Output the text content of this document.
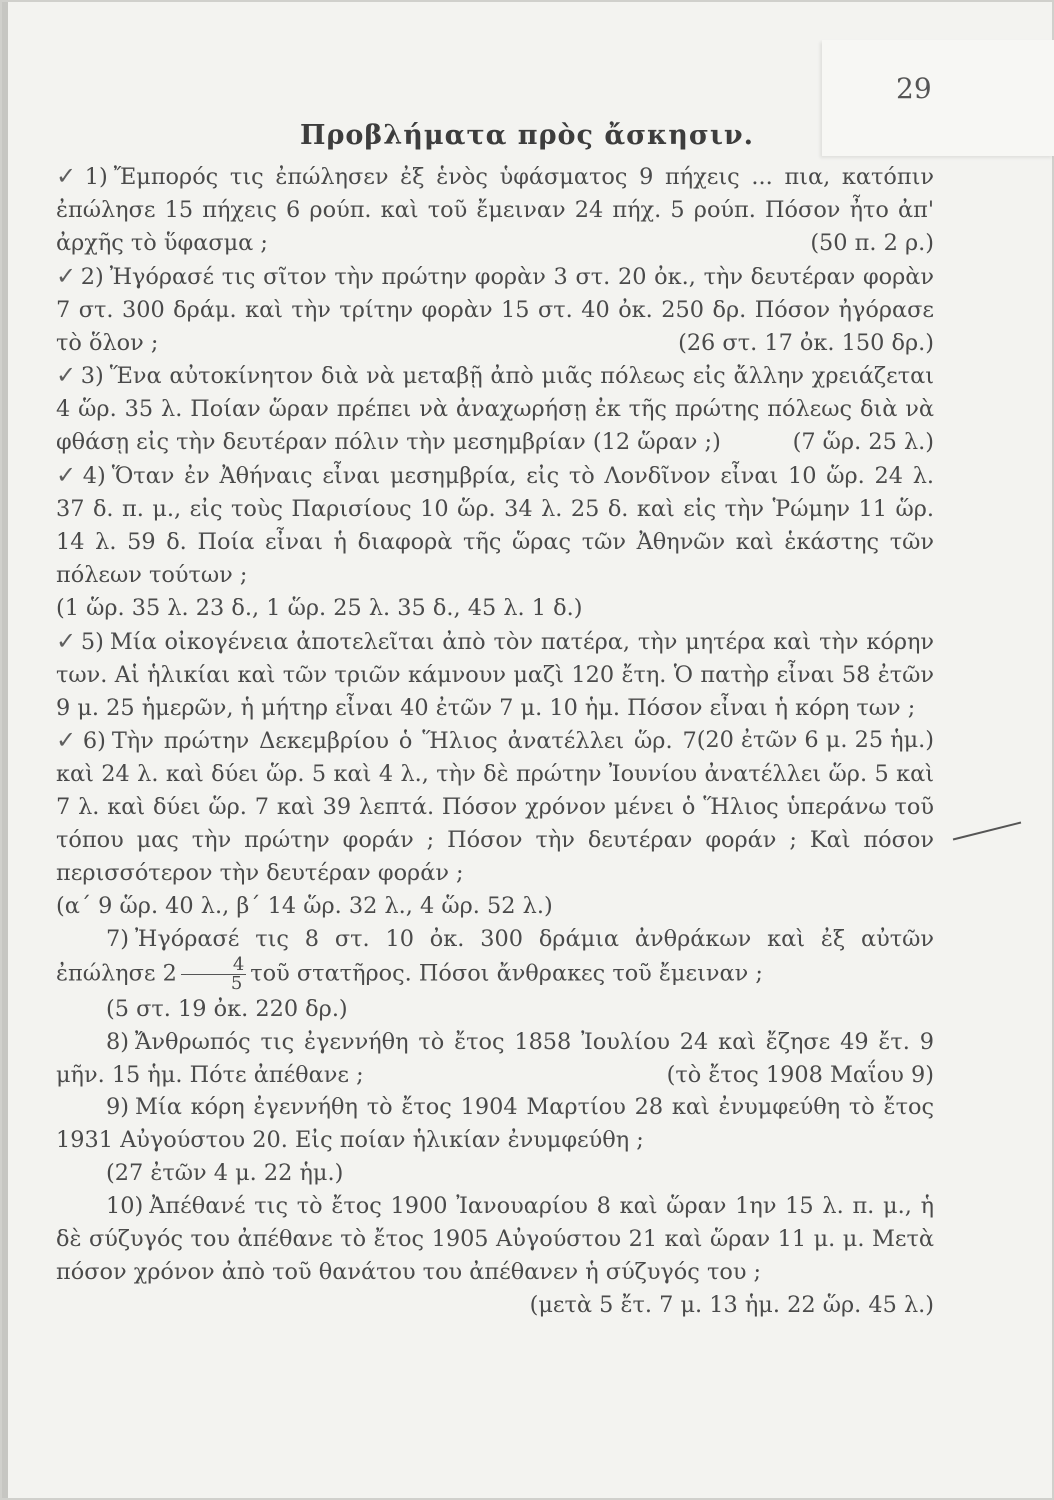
29
Προβλήματα πρὸς ἄσκησιν.
✓ 1) Ἔμπορός τις ἐπώλησεν ἐξ ἑνὸς ὑφάσματος 9 πήχεις ... πια, κατόπιν ἐπώλησε 15 πήχεις 6 ρούπ. καὶ τοῦ ἔμειναν 24 πήχ. 5 ρούπ. Πόσον ἦτο ἀπ' ἀρχῆς τὸ ὕφασμα ;	(50 π. 2 ρ.)
✓ 2) Ἠγόρασέ τις σῖτον τὴν πρώτην φορὰν 3 στ. 20 ὀκ., τὴν δευτέραν φορὰν 7 στ. 300 δράμ. καὶ τὴν τρίτην φορὰν 15 στ. 40 ὀκ. 250 δρ. Πόσον ἠγόρασε τὸ ὅλον ;	(26 στ. 17 ὀκ. 150 δρ.)
✓ 3) Ἕνα αὐτοκίνητον διὰ νὰ μεταβῇ ἀπὸ μιᾶς πόλεως εἰς ἄλλην χρειάζεται 4 ὥρ. 35 λ. Ποίαν ὥραν πρέπει νὰ ἀναχωρήσῃ ἐκ τῆς πρώτης πόλεως διὰ νὰ φθάσῃ εἰς τὴν δευτέραν πόλιν τὴν μεσημβρίαν (12 ὥραν ;)	(7 ὥρ. 25 λ.)
✓ 4) Ὅταν ἐν Ἀθήναις εἶναι μεσημβρία, εἰς τὸ Λονδῖνον εἶναι 10 ὥρ. 24 λ. 37 δ. π. μ., εἰς τοὺς Παρισίους 10 ὥρ. 34 λ. 25 δ. καὶ εἰς τὴν Ῥώμην 11 ὥρ. 14 λ. 59 δ. Ποία εἶναι ἡ διαφορὰ τῆς ὥρας τῶν Ἀθηνῶν καὶ ἑκάστης τῶν πόλεων τούτων ;
(1 ὥρ. 35 λ. 23 δ., 1 ὥρ. 25 λ. 35 δ., 45 λ. 1 δ.)
✓ 5) Μία οἰκογένεια ἀποτελεῖται ἀπὸ τὸν πατέρα, τὴν μητέρα καὶ τὴν κόρην των. Αἱ ἡλικίαι καὶ τῶν τριῶν κάμνουν μαζὶ 120 ἔτη. Ὁ πατὴρ εἶναι 58 ἐτῶν 9 μ. 25 ἡμερῶν, ἡ μήτηρ εἶναι 40 ἐτῶν 7 μ. 10 ἡμ. Πόσον εἶναι ἡ κόρη των ;
(20 ἐτῶν 6 μ. 25 ἡμ.)
✓ 6) Τὴν πρώτην Δεκεμβρίου ὁ Ἥλιος ἀνατέλλει ὥρ. 7 καὶ 24 λ. καὶ δύει ὥρ. 5 καὶ 4 λ., τὴν δὲ πρώτην Ἰουνίου ἀνατέλλει ὥρ. 5 καὶ 7 λ. καὶ δύει ὥρ. 7 καὶ 39 λεπτά. Πόσον χρόνον μένει ὁ Ἥλιος ὑπεράνω τοῦ τόπου μας τὴν πρώτην φοράν ; Πόσον τὴν δευτέραν φοράν ; Καὶ πόσον περισσότερον τὴν δευτέραν φοράν ;
(α΄ 9 ὥρ. 40 λ., β΄ 14 ὥρ. 32 λ., 4 ὥρ. 52 λ.)
7) Ἠγόρασέ τις 8 στ. 10 ὀκ. 300 δράμια ἀνθράκων καὶ ἐξ αὐτῶν ἐπώλησε $2 \frac{4}{5}$ τοῦ στατῆρος. Πόσοι ἄνθρακες τοῦ ἔμειναν ;
(5 στ. 19 ὀκ. 220 δρ.)
8) Ἄνθρωπός τις ἐγεννήθη τὸ ἔτος 1858 Ἰουλίου 24 καὶ ἔζησε 49 ἔτ. 9 μῆν. 15 ἡμ. Πότε ἀπέθανε ;	(τὸ ἔτος 1908 Μαΐου 9)
9) Μία κόρη ἐγεννήθη τὸ ἔτος 1904 Μαρτίου 28 καὶ ἐνυμφεύθη τὸ ἔτος 1931 Αὐγούστου 20. Εἰς ποίαν ἡλικίαν ἐνυμφεύθη ;
(27 ἐτῶν 4 μ. 22 ἡμ.)
10) Ἀπέθανέ τις τὸ ἔτος 1900 Ἰανουαρίου 8 καὶ ὥραν 1ην 15 λ. π. μ., ἡ δὲ σύζυγός του ἀπέθανε τὸ ἔτος 1905 Αὐγούστου 21 καὶ ὥραν 11 μ. μ. Μετὰ πόσον χρόνον ἀπὸ τοῦ θανάτου του ἀπέθανεν ἡ σύζυγός του ;
(μετὰ 5 ἔτ. 7 μ. 13 ἡμ. 22 ὥρ. 45 λ.)
